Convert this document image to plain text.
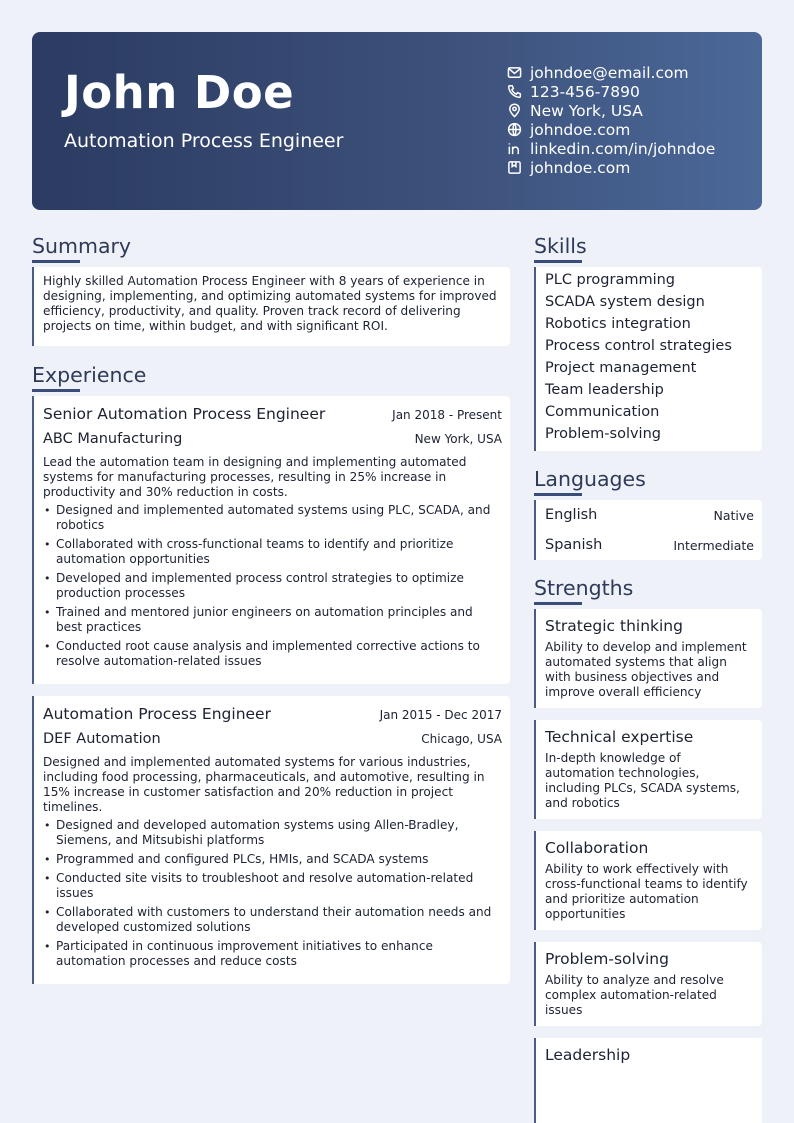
John Doe
Automation Process Engineer
johndoe@email.com
123-456-7890
New York, USA
johndoe.com
linkedin.com/in/johndoe
johndoe.com
Summary
Highly skilled Automation Process Engineer with 8 years of experience in designing, implementing, and optimizing automated systems for improved efficiency, productivity, and quality. Proven track record of delivering projects on time, within budget, and with significant ROI.
Experience
Senior Automation Process Engineer	Jan 2018 - Present
ABC Manufacturing	New York, USA
Lead the automation team in designing and implementing automated systems for manufacturing processes, resulting in 25% increase in productivity and 30% reduction in costs.
• Designed and implemented automated systems using PLC, SCADA, and robotics
• Collaborated with cross-functional teams to identify and prioritize automation opportunities
• Developed and implemented process control strategies to optimize production processes
• Trained and mentored junior engineers on automation principles and best practices
• Conducted root cause analysis and implemented corrective actions to resolve automation-related issues
Automation Process Engineer	Jan 2015 - Dec 2017
DEF Automation	Chicago, USA
Designed and implemented automated systems for various industries, including food processing, pharmaceuticals, and automotive, resulting in 15% increase in customer satisfaction and 20% reduction in project timelines.
• Designed and developed automation systems using Allen-Bradley, Siemens, and Mitsubishi platforms
• Programmed and configured PLCs, HMIs, and SCADA systems
• Conducted site visits to troubleshoot and resolve automation-related issues
• Collaborated with customers to understand their automation needs and developed customized solutions
• Participated in continuous improvement initiatives to enhance automation processes and reduce costs
Skills
PLC programming
SCADA system design
Robotics integration
Process control strategies
Project management
Team leadership
Communication
Problem-solving
Languages
English	Native
Spanish	Intermediate
Strengths
Strategic thinking
Ability to develop and implement automated systems that align with business objectives and improve overall efficiency
Technical expertise
In-depth knowledge of automation technologies, including PLCs, SCADA systems, and robotics
Collaboration
Ability to work effectively with cross-functional teams to identify and prioritize automation opportunities
Problem-solving
Ability to analyze and resolve complex automation-related issues
Leadership
